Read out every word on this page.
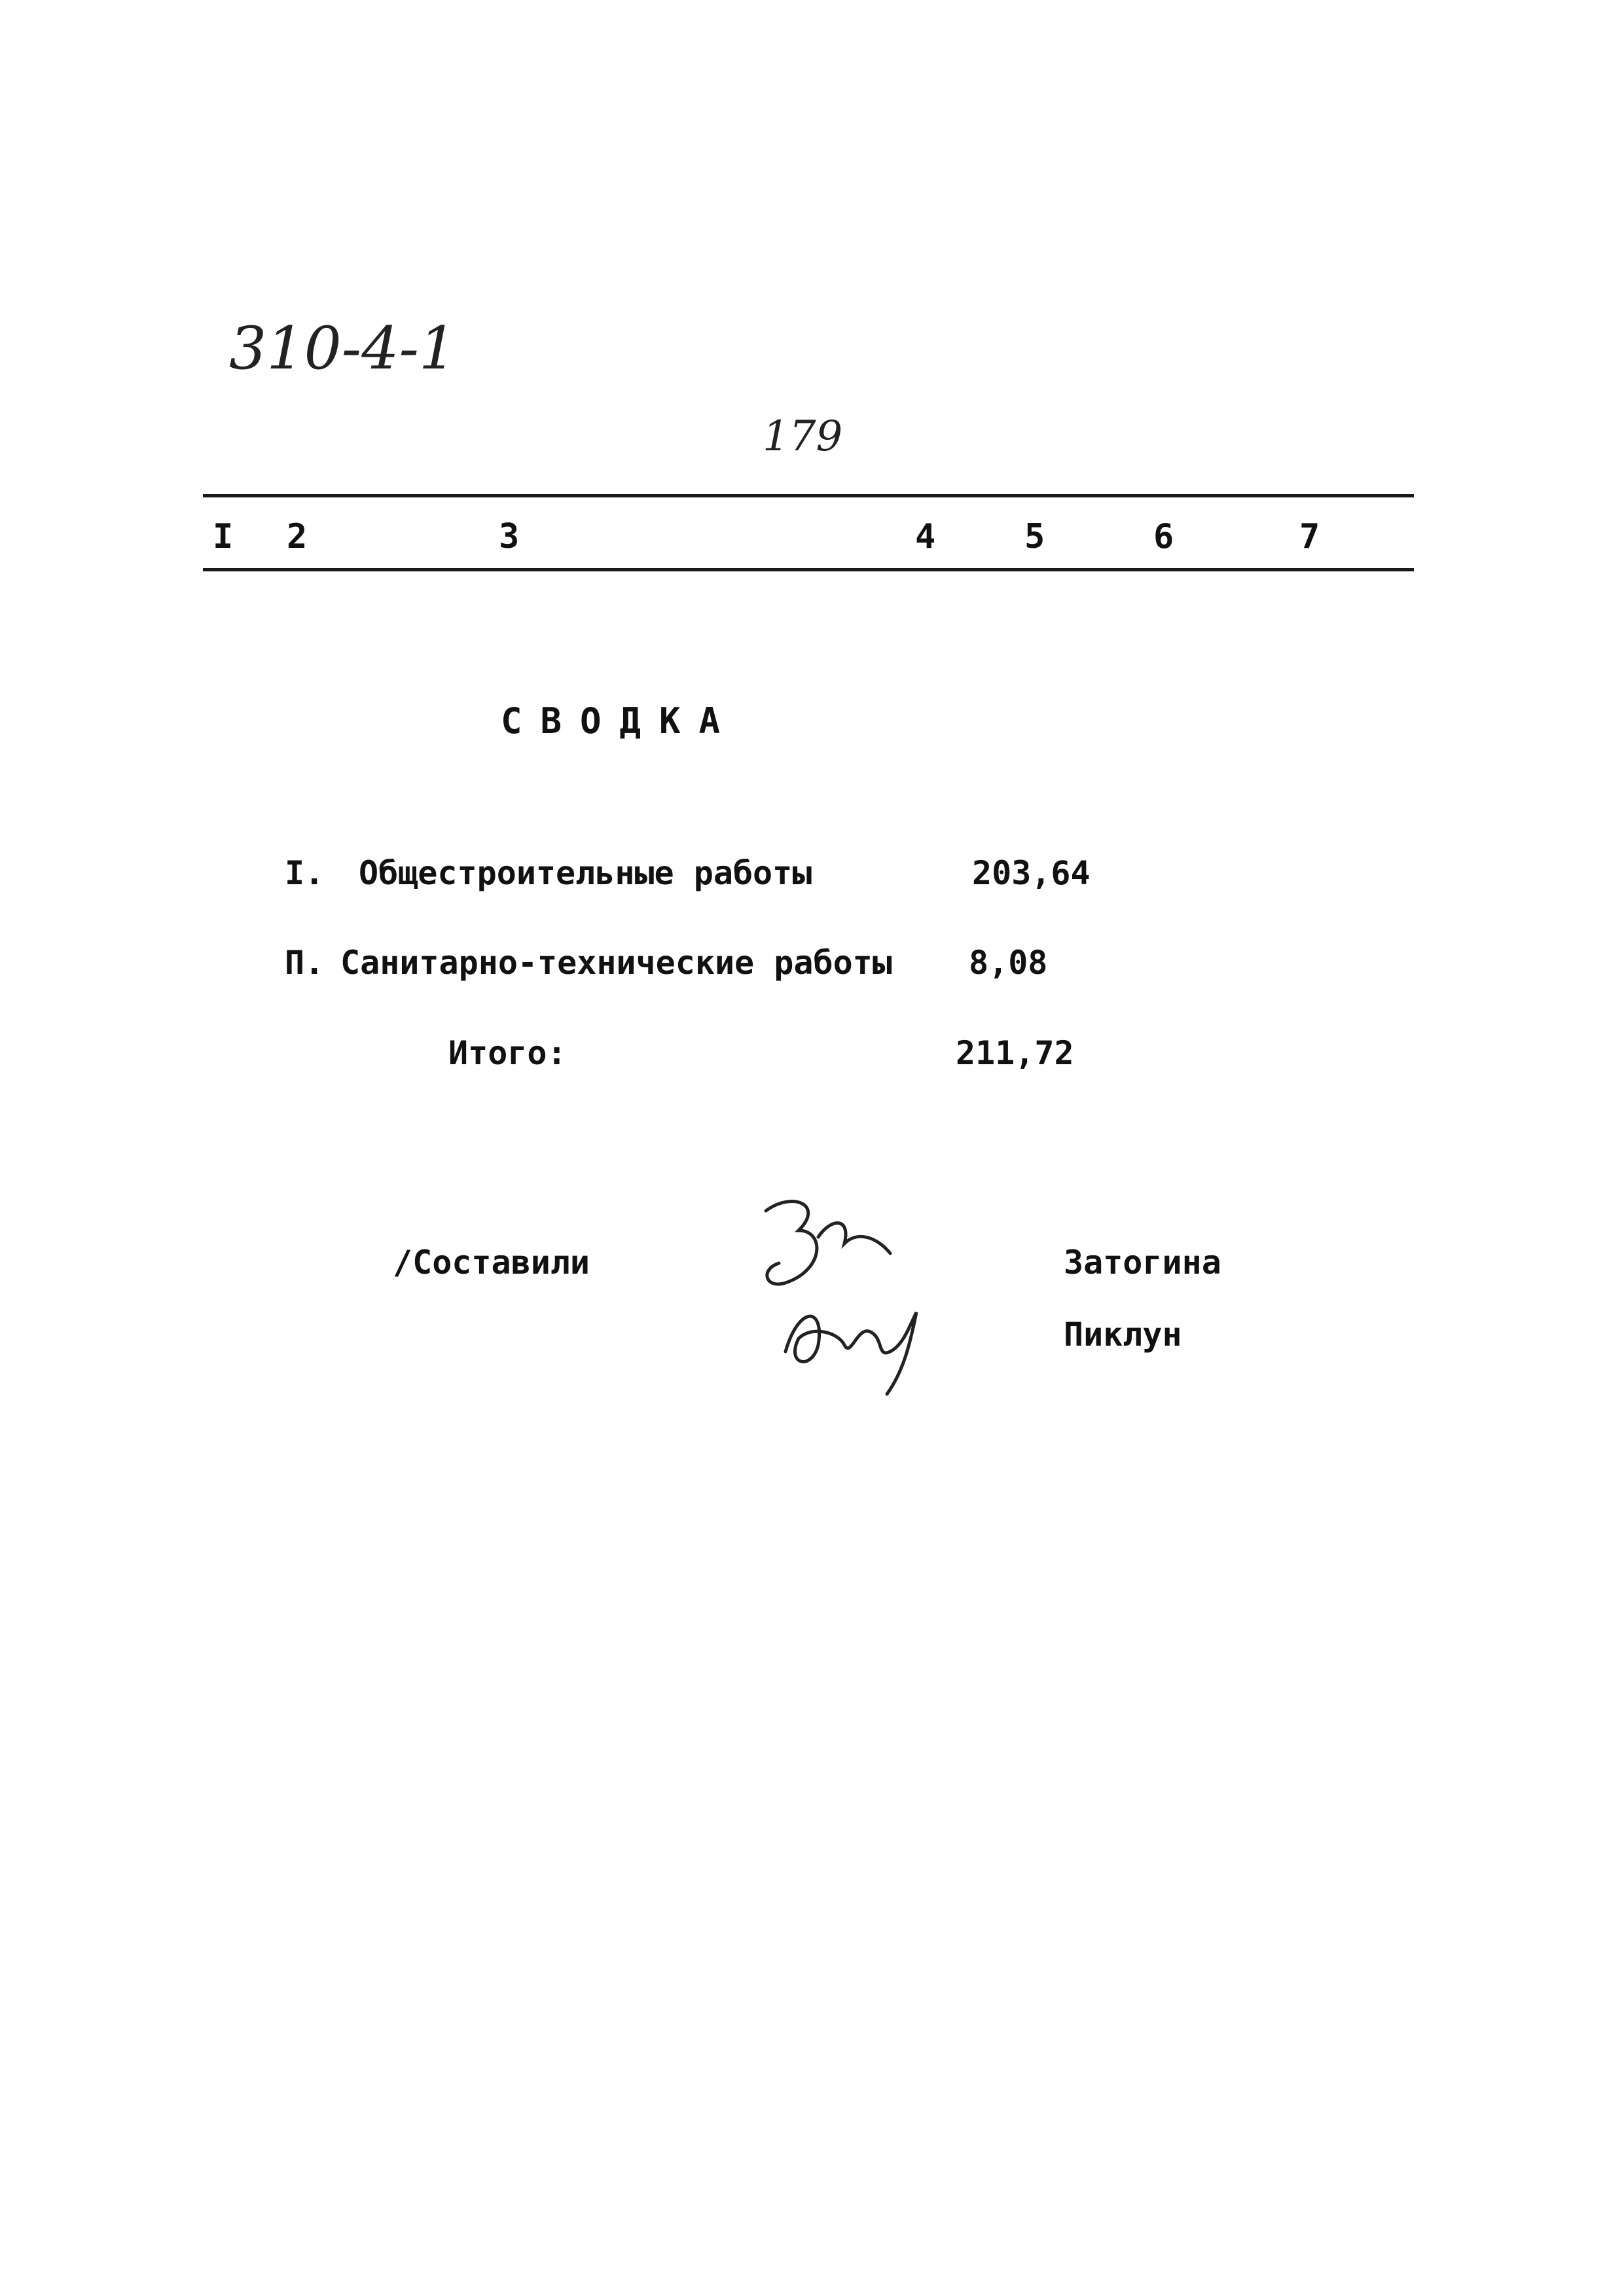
310-4-1
179
I 2	3	4	5	6	7
СВОДКА
I. Общестроительные работы	203,64
П. Санитарно-технические работы 8,08
Итого:	211,72
/Составили	Затогина
Пиклун
